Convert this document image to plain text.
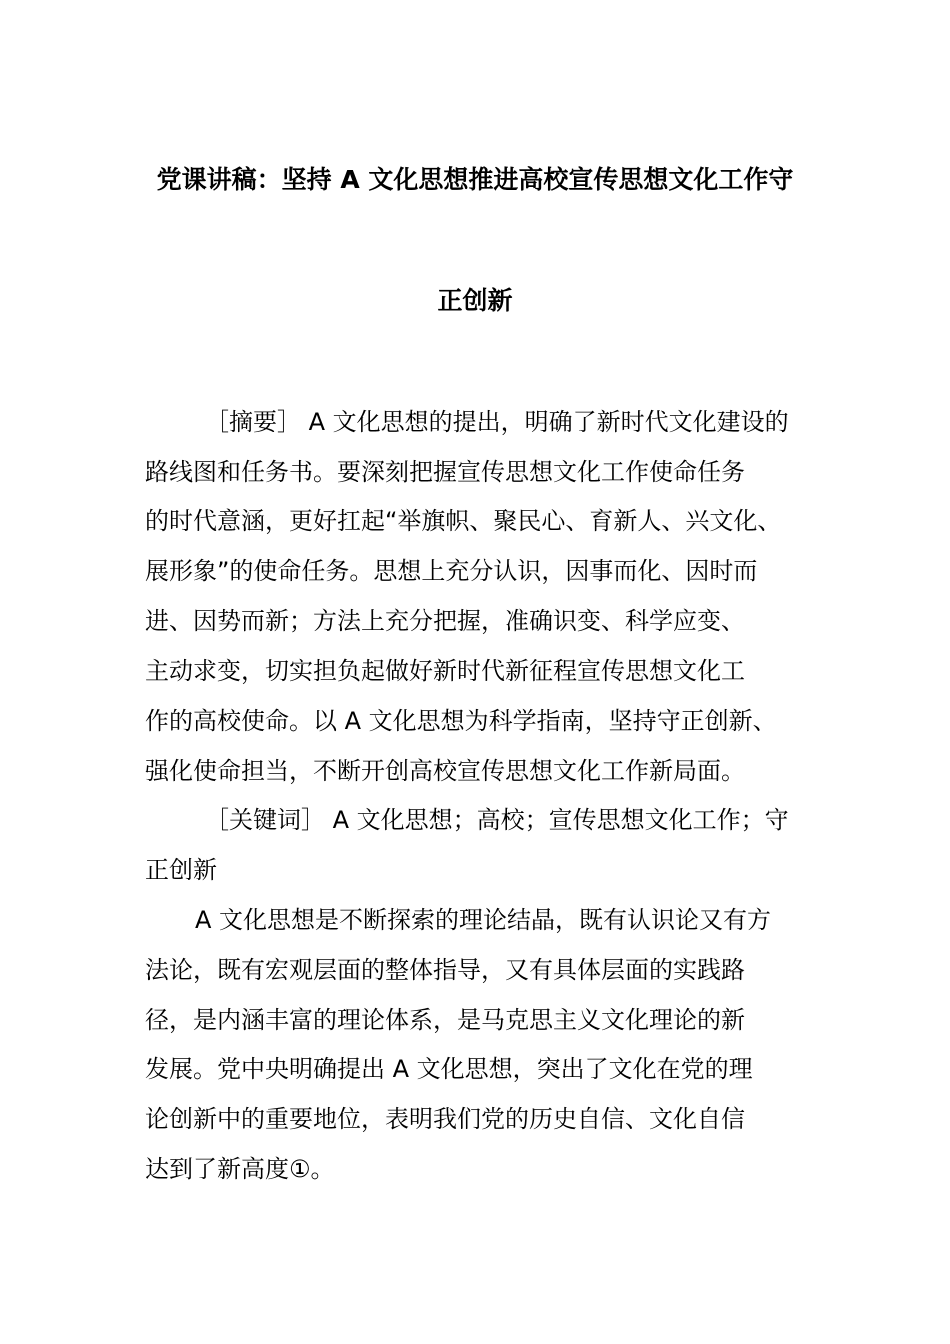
党课讲稿：坚持 A 文化思想推进高校宣传思想文化工作守
正创新
［摘要］ A 文化思想的提出，明确了新时代文化建设的
路线图和任务书。要深刻把握宣传思想文化工作使命任务
的时代意涵，更好扛起“举旗帜、聚民心、育新人、兴文化、
展形象”的使命任务。思想上充分认识，因事而化、因时而
进、因势而新；方法上充分把握，准确识变、科学应变、
主动求变，切实担负起做好新时代新征程宣传思想文化工
作的高校使命。以 A 文化思想为科学指南，坚持守正创新、
强化使命担当，不断开创高校宣传思想文化工作新局面。
［关键词］ A 文化思想；高校；宣传思想文化工作；守
正创新
A 文化思想是不断探索的理论结晶，既有认识论又有方
法论，既有宏观层面的整体指导，又有具体层面的实践路
径，是内涵丰富的理论体系，是马克思主义文化理论的新
发展。党中央明确提出 A 文化思想，突出了文化在党的理
论创新中的重要地位，表明我们党的历史自信、文化自信
达到了新高度①。
